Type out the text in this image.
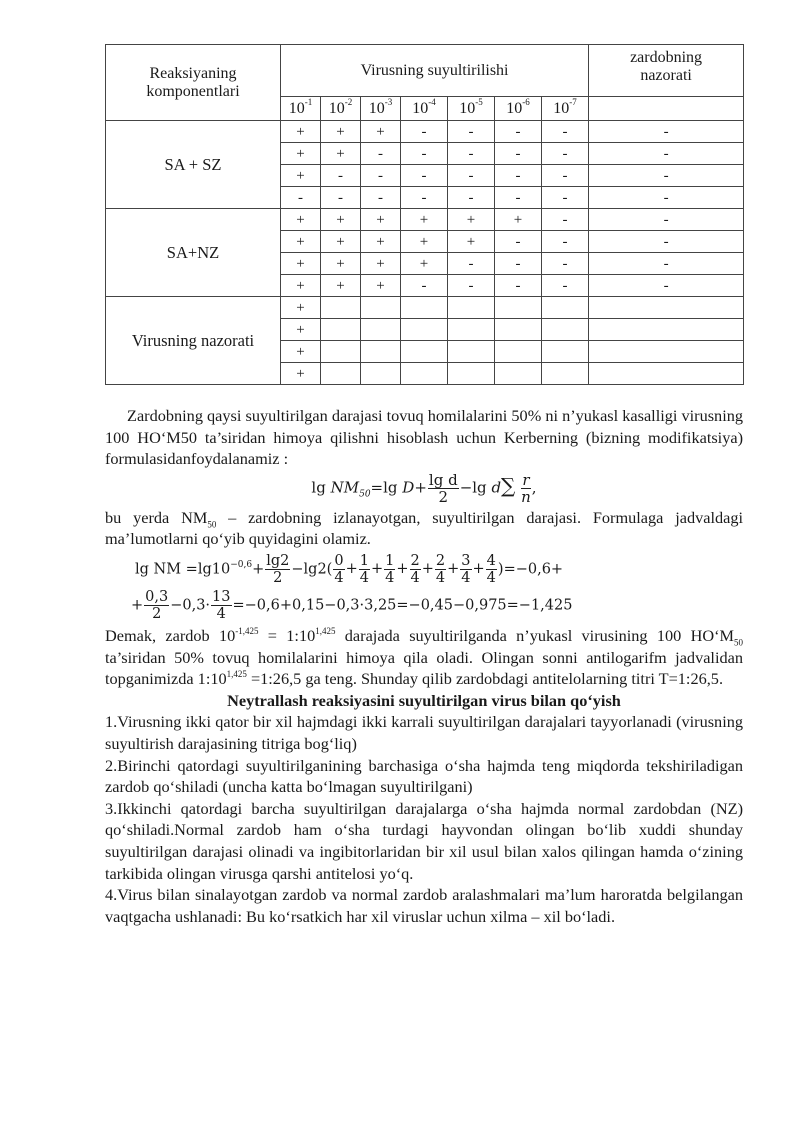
Reaksiyaning komponentlari	Virusning suyultirilishi							zardobning nazorati
	$10^{-1}$	$10^{-2}$	$10^{-3}$	$10^{-4}$	$10^{-5}$	$10^{-6}$	$10^{-7}$	
SA + SZ	+	+	+	-	-	-	-	-
	+	+	-	-	-	-	-	-
	+	-	-	-	-	-	-	-
	-	-	-	-	-	-	-	-
SA+NZ	+	+	+	+	+	+	-	-
	+	+	+	+	+	-	-	-
	+	+	+	+	-	-	-	-
	+	+	+	-	-	-	-	-
Virusning nazorati	+							
	+							
	+							
	+							

Zardobning qaysi suyultirilgan darajasi tovuq homilalarini 50% ni n’yukasl kasalligi virusning 100 HO‘M50 ta’siridan himoya qilishni hisoblash uchun Kerberning (bizning modifikatsiya) formulasidanfoydalanamiz :

$\lg NM_{50}=\lg$ $D+ \frac{\text{lg d}}{2} -\lg$ $d\sum \frac{r}{n}$ ,

bu yerda $NM_{50}$ – zardobning izlanayotgan, suyultirilgan darajasi. Formulaga jadvaldagi ma’lumotlarni qo‘yib quyidagini olamiz.

lg NM $=\lg 10^{-0,6}+ \frac{\lg 2}{2} -\lg 2( \frac{0}{4} + \frac{1}{4} + \frac{1}{4} + \frac{2}{4} + \frac{2}{4} + \frac{3}{4} + \frac{4}{4} )=-0,6+$
+ $\frac{0,3}{2} -0,3\cdot \frac{13}{4} =-0,6+0,15-0,3\cdot 3,25=-0,45-0,975=-1,425$

Demak, zardob $10^{-1,425}$ = $1:10^{1,425}$ darajada suyultirilganda n’yukasl virusining 100 $HO‘M_{50}$ ta’siridan 50% tovuq homilalarini himoya qila oladi. Olingan sonni antilogarifm jadvalidan topganimizda $1:10^{1,425}$ =1:26,5 ga teng. Shunday qilib zardobdagi antitelolarning titri T=1:26,5.

Neytrallash reaksiyasini suyultirilgan virus bilan qo‘yish

1.Virusning ikki qator bir xil hajmdagi ikki karrali suyultirilgan darajalari tayyorlanadi (virusning suyultirish darajasining titriga bog‘liq)

2.Birinchi qatordagi suyultirilganining barchasiga o‘sha hajmda teng miqdorda tekshiriladigan zardob qo‘shiladi (uncha katta bo‘lmagan suyultirilgani)

3.Ikkinchi qatordagi barcha suyultirilgan darajalarga o‘sha hajmda normal zardobdan (NZ) qo‘shiladi.Normal zardob ham o‘sha turdagi hayvondan olingan bo‘lib xuddi shunday suyultirilgan darajasi olinadi va ingibitorlaridan bir xil usul bilan xalos qilingan hamda o‘zining tarkibida olingan virusga qarshi antitelosi yo‘q.

4.Virus bilan sinalayotgan zardob va normal zardob aralashmalari ma’lum haroratda belgilangan vaqtgacha ushlanadi: Bu ko‘rsatkich har xil viruslar uchun xilma – xil bo‘ladi.
